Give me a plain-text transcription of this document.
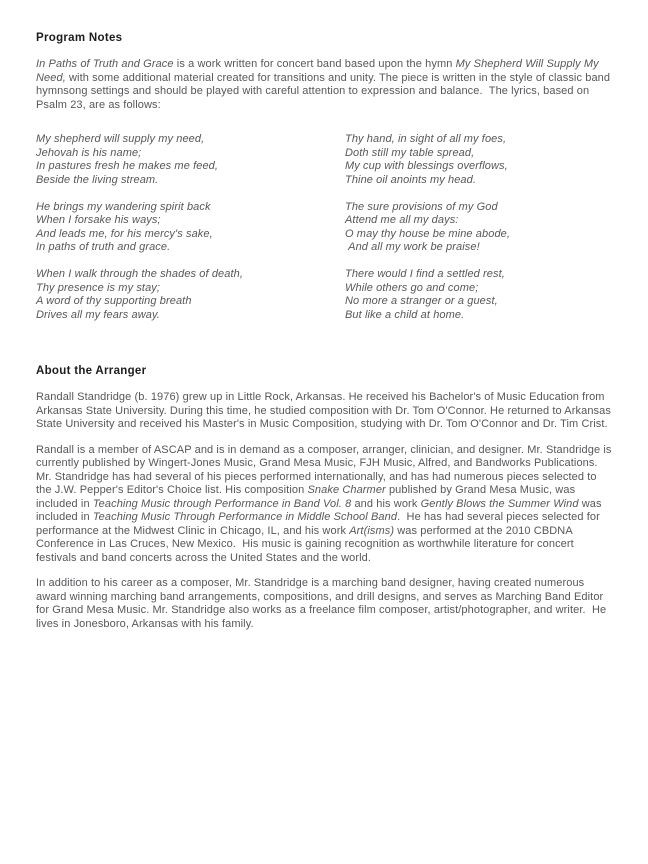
Program Notes

In Paths of Truth and Grace is a work written for concert band based upon the hymn My Shepherd Will Supply My Need, with some additional material created for transitions and unity. The piece is written in the style of classic band hymnsong settings and should be played with careful attention to expression and balance.  The lyrics, based on Psalm 23, are as follows:

My shepherd will supply my need,
Jehovah is his name;
In pastures fresh he makes me feed,
Beside the living stream.
He brings my wandering spirit back
When I forsake his ways;
And leads me, for his mercy's sake,
In paths of truth and grace.
When I walk through the shades of death,
Thy presence is my stay;
A word of thy supporting breath
Drives all my fears away.
Thy hand, in sight of all my foes,
Doth still my table spread,
My cup with blessings overflows,
Thine oil anoints my head.
The sure provisions of my God
Attend me all my days:
O may thy house be mine abode,
And all my work be praise!
There would I find a settled rest,
While others go and come;
No more a stranger or a guest,
But like a child at home.
About the Arranger

Randall Standridge (b. 1976) grew up in Little Rock, Arkansas. He received his Bachelor's of Music Education from Arkansas State University. During this time, he studied composition with Dr. Tom O'Connor. He returned to Arkansas State University and received his Master's in Music Composition, studying with Dr. Tom O'Connor and Dr. Tim Crist.

Randall is a member of ASCAP and is in demand as a composer, arranger, clinician, and designer. Mr. Standridge is currently published by Wingert-Jones Music, Grand Mesa Music, FJH Music, Alfred, and Bandworks Publications. Mr. Standridge has had several of his pieces performed internationally, and has had numerous pieces selected to the J.W. Pepper's Editor's Choice list. His composition Snake Charmer published by Grand Mesa Music, was included in Teaching Music through Performance in Band Vol. 8 and his work Gently Blows the Summer Wind was included in Teaching Music Through Performance in Middle School Band.  He has had several pieces selected for performance at the Midwest Clinic in Chicago, IL, and his work Art(isms) was performed at the 2010 CBDNA Conference in Las Cruces, New Mexico.  His music is gaining recognition as worthwhile literature for concert festivals and band concerts across the United States and the world.

In addition to his career as a composer, Mr. Standridge is a marching band designer, having created numerous award winning marching band arrangements, compositions, and drill designs, and serves as Marching Band Editor for Grand Mesa Music. Mr. Standridge also works as a freelance film composer, artist/photographer, and writer.  He lives in Jonesboro, Arkansas with his family.
